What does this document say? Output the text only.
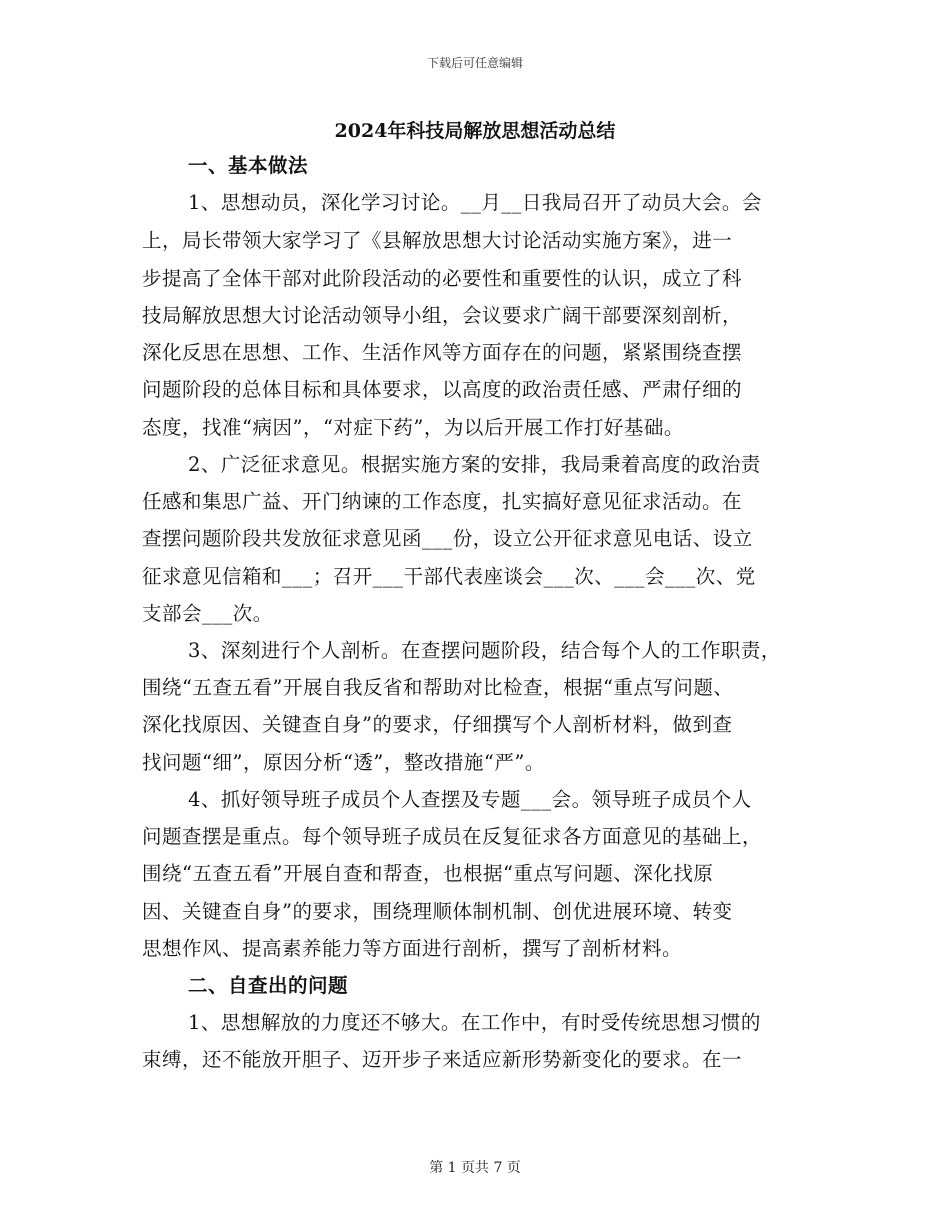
下载后可任意编辑
2024年科技局解放思想活动总结
一、基本做法
1、思想动员，深化学习讨论。__月__日我局召开了动员大会。会
上，局长带领大家学习了《县解放思想大讨论活动实施方案》，进一
步提高了全体干部对此阶段活动的必要性和重要性的认识，成立了科
技局解放思想大讨论活动领导小组，会议要求广阔干部要深刻剖析，
深化反思在思想、工作、生活作风等方面存在的问题，紧紧围绕查摆
问题阶段的总体目标和具体要求，以高度的政治责任感、严肃仔细的
态度，找准“病因”，“对症下药”，为以后开展工作打好基础。
2、广泛征求意见。根据实施方案的安排，我局秉着高度的政治责
任感和集思广益、开门纳谏的工作态度，扎实搞好意见征求活动。在
查摆问题阶段共发放征求意见函___份，设立公开征求意见电话、设立
征求意见信箱和___；召开___干部代表座谈会___次、___会___次、党
支部会___次。
3、深刻进行个人剖析。在查摆问题阶段，结合每个人的工作职责，
围绕“五查五看”开展自我反省和帮助对比检查，根据“重点写问题、
深化找原因、关键查自身”的要求，仔细撰写个人剖析材料，做到查
找问题“细”，原因分析“透”，整改措施“严”。
4、抓好领导班子成员个人查摆及专题___会。领导班子成员个人
问题查摆是重点。每个领导班子成员在反复征求各方面意见的基础上，
围绕“五查五看”开展自查和帮查，也根据“重点写问题、深化找原
因、关键查自身”的要求，围绕理顺体制机制、创优进展环境、转变
思想作风、提高素养能力等方面进行剖析，撰写了剖析材料。
二、自查出的问题
1、思想解放的力度还不够大。在工作中，有时受传统思想习惯的
束缚，还不能放开胆子、迈开步子来适应新形势新变化的要求。在一
第 1 页共 7 页
